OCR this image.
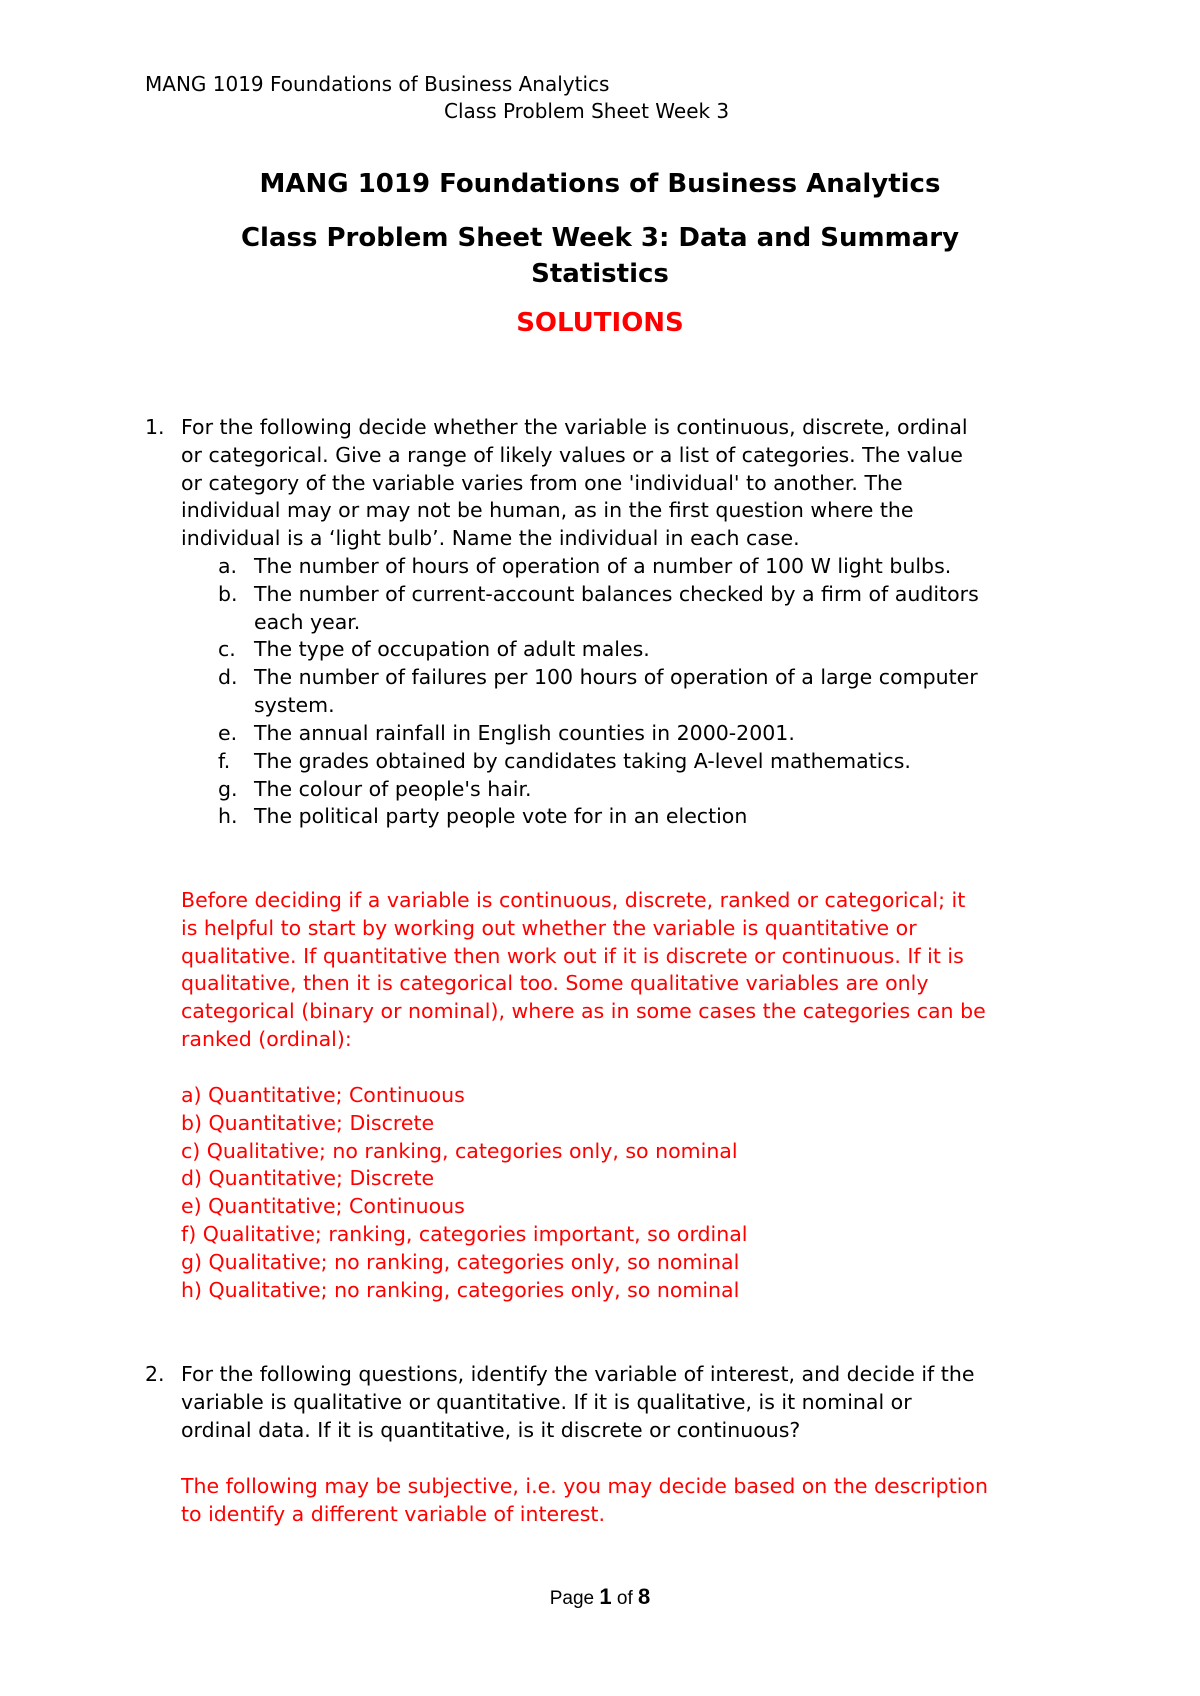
MANG 1019 Foundations of Business Analytics
Class Problem Sheet Week 3
MANG 1019 Foundations of Business Analytics
Class Problem Sheet Week 3: Data and Summary
Statistics
SOLUTIONS
1. For the following decide whether the variable is continuous, discrete, ordinal
or categorical. Give a range of likely values or a list of categories. The value
or category of the variable varies from one 'individual' to another. The
individual may or may not be human, as in the first question where the
individual is a ‘light bulb’. Name the individual in each case.
a. The number of hours of operation of a number of 100 W light bulbs.
b. The number of current-account balances checked by a firm of auditors
each year.
c. The type of occupation of adult males.
d. The number of failures per 100 hours of operation of a large computer
system.
e. The annual rainfall in English counties in 2000-2001.
f. The grades obtained by candidates taking A-level mathematics.
g. The colour of people's hair.
h. The political party people vote for in an election
Before deciding if a variable is continuous, discrete, ranked or categorical; it
is helpful to start by working out whether the variable is quantitative or
qualitative. If quantitative then work out if it is discrete or continuous. If it is
qualitative, then it is categorical too. Some qualitative variables are only
categorical (binary or nominal), where as in some cases the categories can be
ranked (ordinal):
a) Quantitative; Continuous
b) Quantitative; Discrete
c) Qualitative; no ranking, categories only, so nominal
d) Quantitative; Discrete
e) Quantitative; Continuous
f) Qualitative; ranking, categories important, so ordinal
g) Qualitative; no ranking, categories only, so nominal
h) Qualitative; no ranking, categories only, so nominal
2. For the following questions, identify the variable of interest, and decide if the
variable is qualitative or quantitative. If it is qualitative, is it nominal or
ordinal data. If it is quantitative, is it discrete or continuous?
The following may be subjective, i.e. you may decide based on the description
to identify a different variable of interest.
Page 1 of 8
